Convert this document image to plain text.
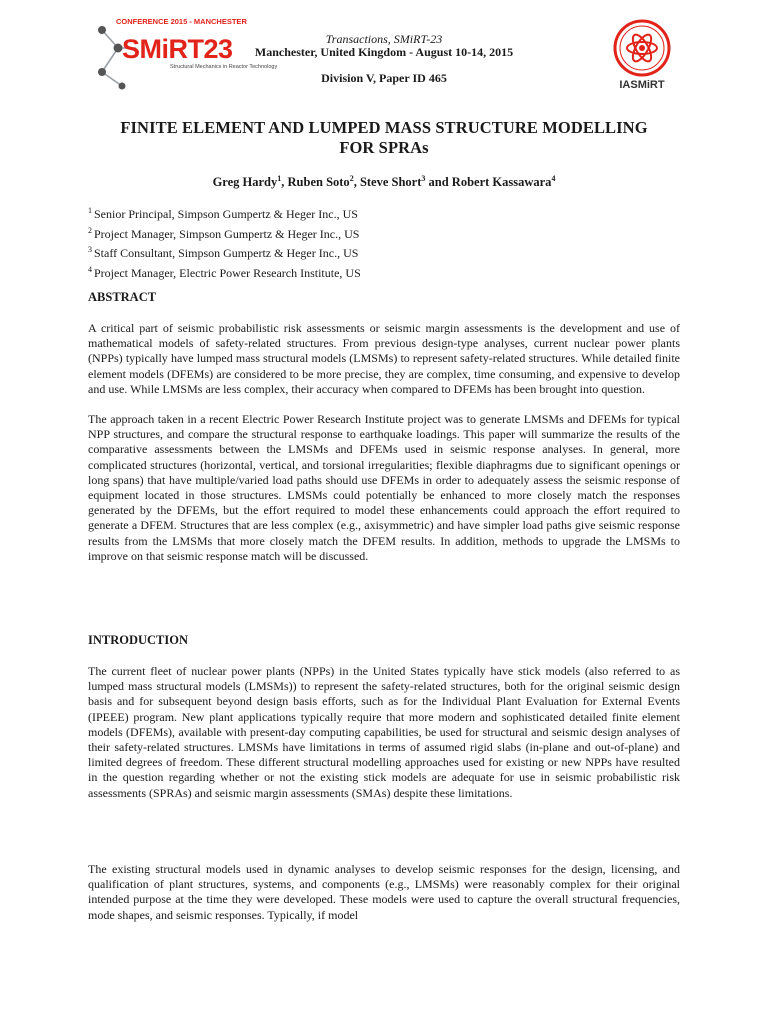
CONFERENCE 2015 - MANCHESTER
SMiRT23
Structural Mechanics in Reactor Technology
IASMiRT
Transactions, SMiRT-23
Manchester, United Kingdom - August 10-14, 2015
Division V, Paper ID 465
FINITE ELEMENT AND LUMPED MASS STRUCTURE MODELLING
FOR SPRAs
Greg Hardy$^1$, Ruben Soto$^2$, Steve Short$^3$ and Robert Kassawara$^4$
$^1$ Senior Principal, Simpson Gumpertz & Heger Inc., US
$^2$ Project Manager, Simpson Gumpertz & Heger Inc., US
$^3$ Staff Consultant, Simpson Gumpertz & Heger Inc., US
$^4$ Project Manager, Electric Power Research Institute, US
ABSTRACT

A critical part of seismic probabilistic risk assessments or seismic margin assessments is the development and use of mathematical models of safety-related structures. From previous design-type analyses, current nuclear power plants (NPPs) typically have lumped mass structural models (LMSMs) to represent safety-related structures. While detailed finite element models (DFEMs) are considered to be more precise, they are complex, time consuming, and expensive to develop and use. While LMSMs are less complex, their accuracy when compared to DFEMs has been brought into question.

The approach taken in a recent Electric Power Research Institute project was to generate LMSMs and DFEMs for typical NPP structures, and compare the structural response to earthquake loadings. This paper will summarize the results of the comparative assessments between the LMSMs and DFEMs used in seismic response analyses. In general, more complicated structures (horizontal, vertical, and torsional irregularities; flexible diaphragms due to significant openings or long spans) that have multiple/varied load paths should use DFEMs in order to adequately assess the seismic response of equipment located in those structures. LMSMs could potentially be enhanced to more closely match the responses generated by the DFEMs, but the effort required to model these enhancements could approach the effort required to generate a DFEM. Structures that are less complex (e.g., axisymmetric) and have simpler load paths give seismic response results from the LMSMs that more closely match the DFEM results. In addition, methods to upgrade the LMSMs to improve on that seismic response match will be discussed.

INTRODUCTION

The current fleet of nuclear power plants (NPPs) in the United States typically have stick models (also referred to as lumped mass structural models (LMSMs)) to represent the safety-related structures, both for the original seismic design basis and for subsequent beyond design basis efforts, such as for the Individual Plant Evaluation for External Events (IPEEE) program. New plant applications typically require that more modern and sophisticated detailed finite element models (DFEMs), available with present-day computing capabilities, be used for structural and seismic design analyses of their safety-related structures. LMSMs have limitations in terms of assumed rigid slabs (in-plane and out-of-plane) and limited degrees of freedom. These different structural modelling approaches used for existing or new NPPs have resulted in the question regarding whether or not the existing stick models are adequate for use in seismic probabilistic risk assessments (SPRAs) and seismic margin assessments (SMAs) despite these limitations.

The existing structural models used in dynamic analyses to develop seismic responses for the design, licensing, and qualification of plant structures, systems, and components (e.g., LMSMs) were reasonably complex for their original intended purpose at the time they were developed. These models were used to capture the overall structural frequencies, mode shapes, and seismic responses. Typically, if model
